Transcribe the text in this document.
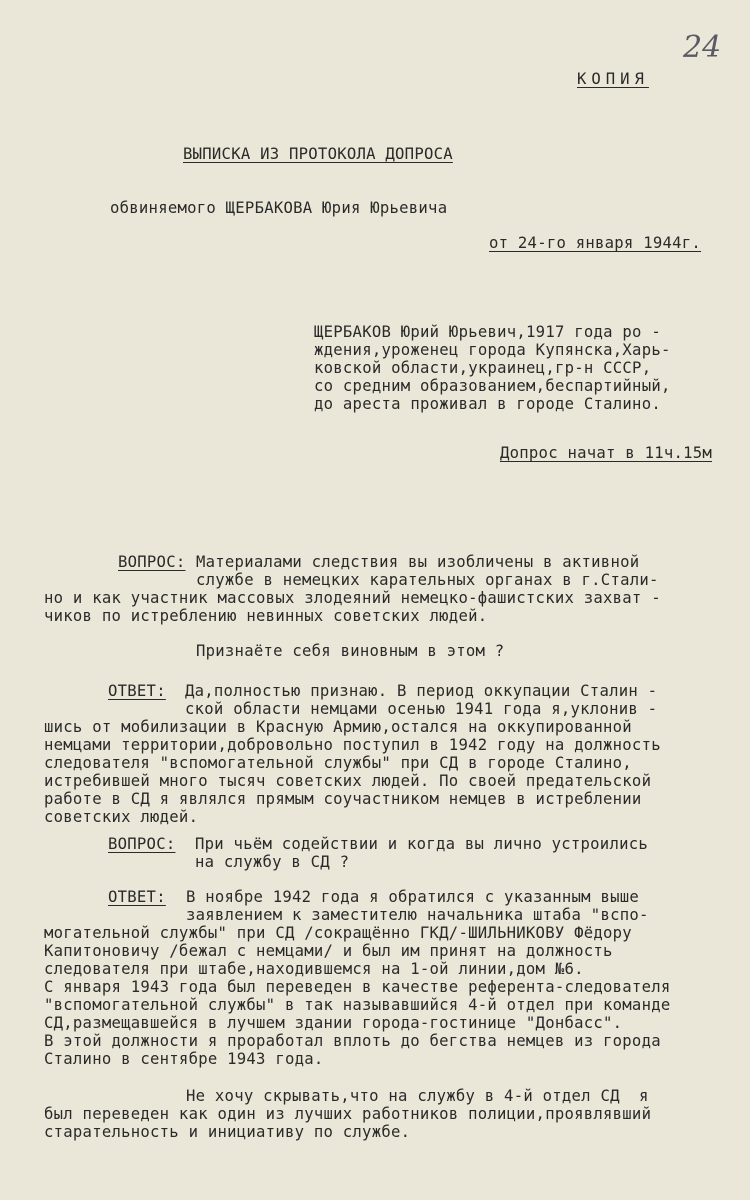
24
КОПИЯ
ВЫПИСКА ИЗ ПРОТОКОЛА ДОПРОСА
обвиняемого ЩЕРБАКОВА Юрия Юрьевича
от 24-го января 1944г.
ЩЕРБАКОВ Юрий Юрьевич,1917 года ро -
ждения,уроженец города Купянска,Харь-
ковской области,украинец,гр-н СССР,
со средним образованием,беспартийный,
до ареста проживал в городе Сталино.
Допрос начат в 11ч.15м
ВОПРОС: Материалами следствия вы изобличены в активной
службе в немецких карательных органах в г.Стали-
но и как участник массовых злодеяний немецко-фашистских захват -
чиков по истреблению невинных советских людей.
Признаёте себя виновным в этом ?
ОТВЕТ: Да,полностью признаю. В период оккупации Сталин -
ской области немцами осенью 1941 года я,уклонив -
шись от мобилизации в Красную Армию,остался на оккупированной
немцами территории,добровольно поступил в 1942 году на должность
следователя "вспомогательной службы" при СД в городе Сталино,
истребившей много тысяч советских людей. По своей предательской
работе в СД я являлся прямым соучастником немцев в истреблении
советских людей.
ВОПРОС: При чьём содействии и когда вы лично устроились
на службу в СД ?
ОТВЕТ: В ноябре 1942 года я обратился с указанным выше
заявлением к заместителю начальника штаба "вспо-
могательной службы" при СД /сокращённо ГКД/-ШИЛЬНИКОВУ Фёдору
Капитоновичу /бежал с немцами/ и был им принят на должность
следователя при штабе,находившемся на 1-ой линии,дом №6.
С января 1943 года был переведен в качестве референта-следователя
"вспомогательной службы" в так называвшийся 4-й отдел при команде
СД,размещавшейся в лучшем здании города-гостинице "Донбасс".
В этой должности я проработал вплоть до бегства немцев из города
Сталино в сентябре 1943 года.
Не хочу скрывать,что на службу в 4-й отдел СД  я
был переведен как один из лучших работников полиции,проявлявший
старательность и инициативу по службе.
